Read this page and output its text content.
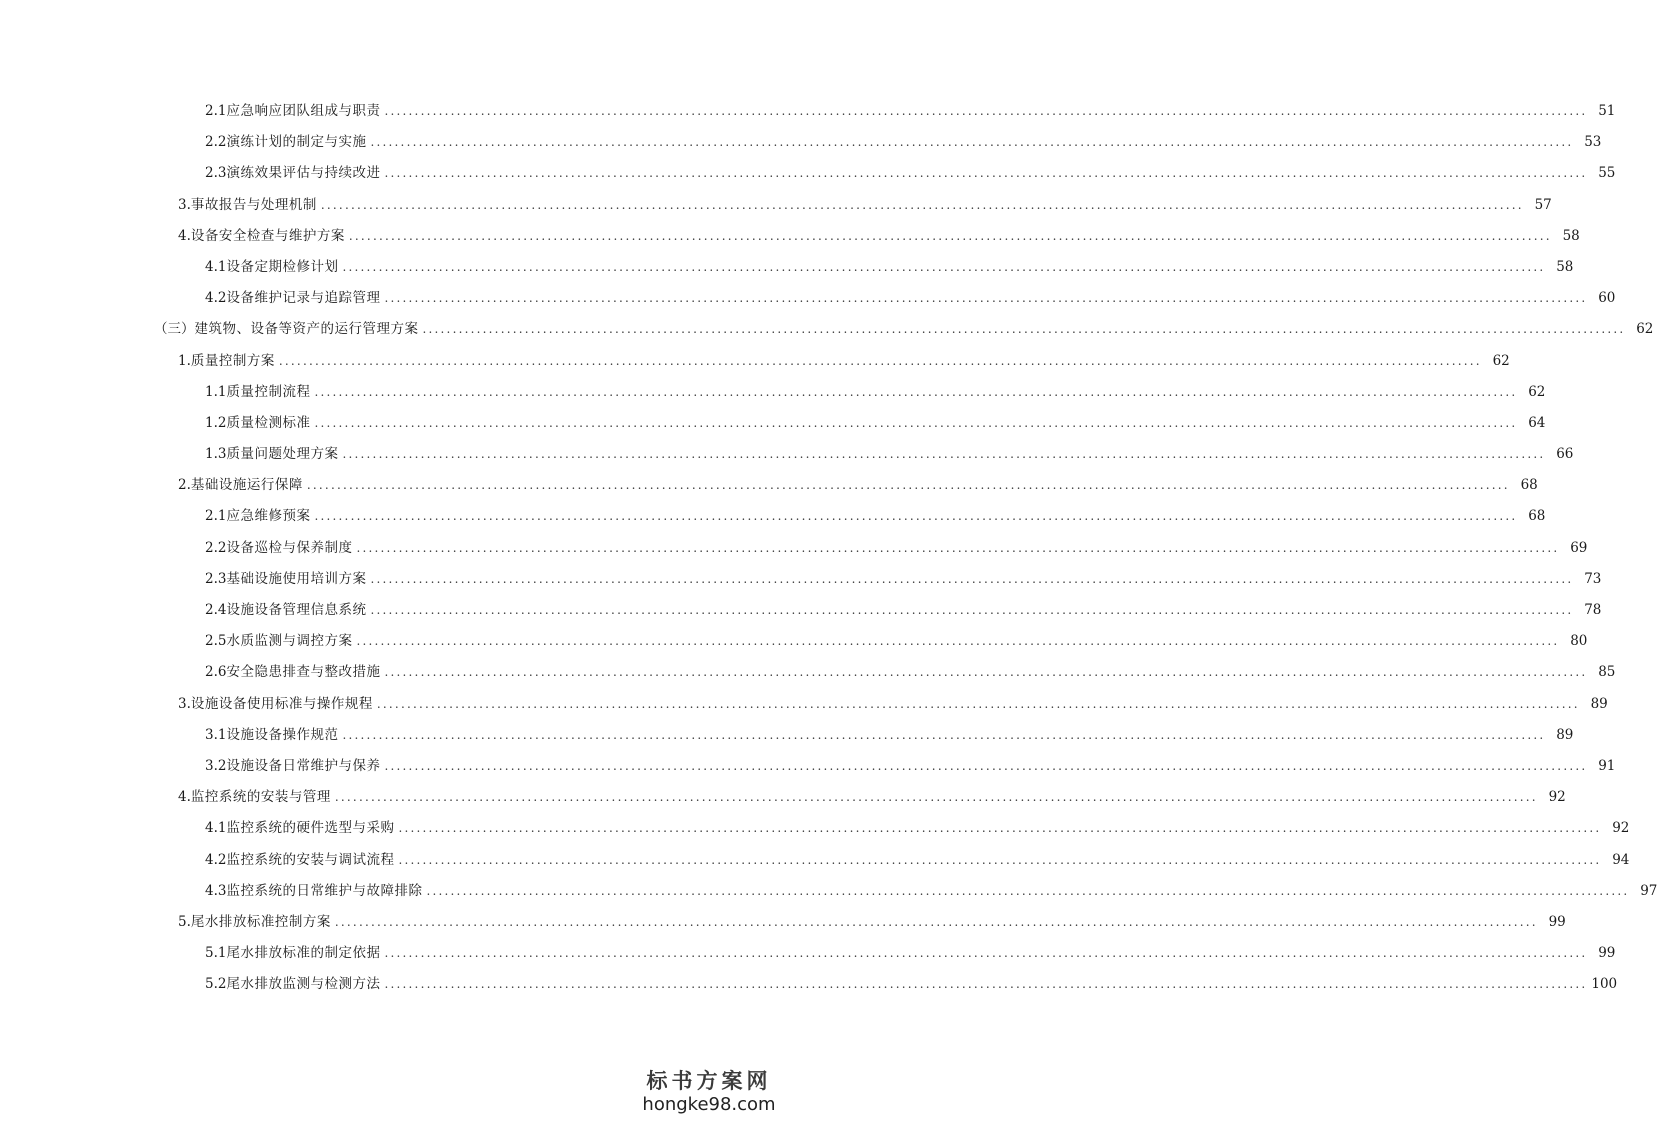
2.1 应急响应团队组成与职责 ........................................................................................................................................................................................................ 51
2.2 演练计划的制定与实施 ........................................................................................................................................................................................................ 53
2.3 演练效果评估与持续改进 ........................................................................................................................................................................................................ 55
3. 事故报告与处理机制 ........................................................................................................................................................................................................ 57
4. 设备安全检查与维护方案 ........................................................................................................................................................................................................ 58
4.1 设备定期检修计划 ........................................................................................................................................................................................................ 58
4.2 设备维护记录与追踪管理 ........................................................................................................................................................................................................ 60
（三） 建筑物、设备等资产的运行管理方案 ........................................................................................................................................................................................................ 62
1. 质量控制方案 ........................................................................................................................................................................................................ 62
1.1 质量控制流程 ........................................................................................................................................................................................................ 62
1.2 质量检测标准 ........................................................................................................................................................................................................ 64
1.3 质量问题处理方案 ........................................................................................................................................................................................................ 66
2. 基础设施运行保障 ........................................................................................................................................................................................................ 68
2.1 应急维修预案 ........................................................................................................................................................................................................ 68
2.2 设备巡检与保养制度 ........................................................................................................................................................................................................ 69
2.3 基础设施使用培训方案 ........................................................................................................................................................................................................ 73
2.4 设施设备管理信息系统 ........................................................................................................................................................................................................ 78
2.5 水质监测与调控方案 ........................................................................................................................................................................................................ 80
2.6 安全隐患排查与整改措施 ........................................................................................................................................................................................................ 85
3. 设施设备使用标准与操作规程 ........................................................................................................................................................................................................ 89
3.1 设施设备操作规范 ........................................................................................................................................................................................................ 89
3.2 设施设备日常维护与保养 ........................................................................................................................................................................................................ 91
4. 监控系统的安装与管理 ........................................................................................................................................................................................................ 92
4.1 监控系统的硬件选型与采购 ........................................................................................................................................................................................................ 92
4.2 监控系统的安装与调试流程 ........................................................................................................................................................................................................ 94
4.3 监控系统的日常维护与故障排除 ........................................................................................................................................................................................................ 97
5. 尾水排放标准控制方案 ........................................................................................................................................................................................................ 99
5.1 尾水排放标准的制定依据 ........................................................................................................................................................................................................ 99
5.2 尾水排放监测与检测方法 ........................................................................................................................................................................................................ 100
标书方案网
hongke98.com
